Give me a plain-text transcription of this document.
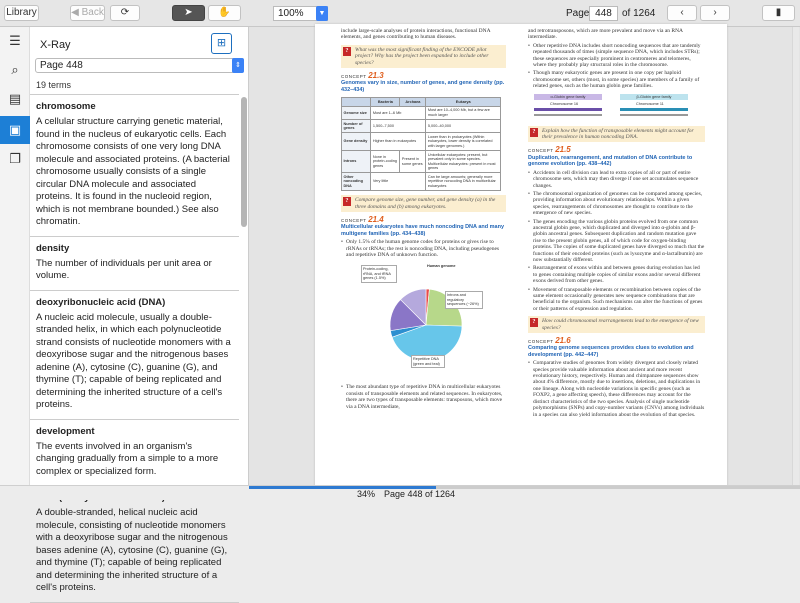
Library	◀ Back	⟳	➤	✋	100%	▼	Page 448	of 1264	‹	›	▮
☰
⌕
▤
▣
❐
X-Ray	⊞
Page 448	⇕
19 terms
chromosome
A cellular structure carrying genetic material, found in the nucleus of eukaryotic cells. Each chromosome consists of one very long DNA molecule and associated proteins. (A bacterial chromosome usually consists of a single circular DNA molecule and associated proteins. It is found in the nucleoid region, which is not membrane bounded.) See also chromatin.
density
The number of individuals per unit area or volume.
deoxyribonucleic acid (DNA)
A nucleic acid molecule, usually a double-stranded helix, in which each polynucleotide strand consists of nucleotide monomers with a deoxyribose sugar and the nitrogenous bases adenine (A), cytosine (C), guanine (G), and thymine (T); capable of being replicated and determining the inherited structure of a cell's proteins.
development
The events involved in an organism's changing gradually from a simple to a more complex or specialized form.
A double-stranded, helical nucleic acid molecule, consisting of nucleotide monomers with a deoxyribose sugar and the nitrogenous bases adenine (A), cytosine (C), guanine (G), and thymine (T); capable of being replicated and determining the inherited structure of a cell's proteins.

include large-scale analyses of protein interactions, functional DNA elements, and genes contributing to human diseases.

?	What was the most significant finding of the ENCODE pilot project? Why has the project been expanded to include other species?
CONCEPT 21.3
Genomes vary in size, number of genes, and gene density (pp. 432–434)
	Bacteria	Archaea	Eukarya
Genome size	Most are 1–6 Mb		Most are 10–4,000 Mb, but a few are much larger
Number of genes	1,500–7,500		5,000–40,000
Gene density	Higher than in eukaryotes		Lower than in prokaryotes (Within eukaryotes, lower density is correlated with larger genomes.)
Introns	None in protein-coding genes	Present in some genes	Unicellular eukaryotes: present, but prevalent only in some species. Multicellular eukaryotes: present in most genes
Other noncoding DNA	Very little		Can be large amounts; generally more repetitive noncoding DNA in multicellular eukaryotes
?	Compare genome size, gene number, and gene density (a) in the three domains and (b) among eukaryotes.
CONCEPT 21.4
Multicellular eukaryotes have much noncoding DNA and many multigene families (pp. 434–438)

• Only 1.5% of the human genome codes for proteins or gives rise to rRNAs or tRNAs; the rest is noncoding DNA, including pseudogenes and repetitive DNA of unknown function.

Human genome
Protein-coding, rRNA, and tRNA genes (1.5%)
Introns and regulatory sequences (~26%)
Repetitive DNA (green and teal)

• The most abundant type of repetitive DNA in multicellular eukaryotes consists of transposable elements and related sequences. In eukaryotes, there are two types of transposable elements: transposons, which move via a DNA intermediate,

and retrotransposons, which are more prevalent and move via an RNA intermediate.

• Other repetitive DNA includes short noncoding sequences that are tandemly repeated thousands of times (simple sequence DNA, which includes STRs); these sequences are especially prominent in centromeres and telomeres, where they probably play structural roles in the chromosome.

• Though many eukaryotic genes are present in one copy per haploid chromosome set, others (most, in some species) are members of a family of related genes, such as the human globin gene families.

α-Globin gene family	β-Globin gene family
Chromosome 16	Chromosome 11
?	Explain how the function of transposable elements might account for their prevalence in human noncoding DNA.
CONCEPT 21.5
Duplication, rearrangement, and mutation of DNA contribute to genome evolution (pp. 438–442)

• Accidents in cell division can lead to extra copies of all or part of entire chromosome sets, which may then diverge if one set accumulates sequence changes.

• The chromosomal organization of genomes can be compared among species, providing information about evolutionary relationships. Within a given species, rearrangements of chromosomes are thought to contribute to the emergence of new species.

• The genes encoding the various globin proteins evolved from one common ancestral globin gene, which duplicated and diverged into α-globin and β-globin ancestral genes. Subsequent duplication and random mutation gave rise to the present globin genes, all of which code for oxygen-binding proteins. The copies of some duplicated genes have diverged so much that the functions of their encoded proteins (such as lysozyme and α-lactalbumin) are now substantially different.

• Rearrangement of exons within and between genes during evolution has led to genes containing multiple copies of similar exons and/or several different exons derived from other genes.

• Movement of transposable elements or recombination between copies of the same element occasionally generates new sequence combinations that are beneficial to the organism. Such mechanisms can alter the functions of genes or their patterns of expression and regulation.

?	How could chromosomal rearrangements lead to the emergence of new species?
CONCEPT 21.6
Comparing genome sequences provides clues to evolution and development (pp. 442–447)

• Comparative studies of genomes from widely divergent and closely related species provide valuable information about ancient and more recent evolutionary history, respectively. Human and chimpanzee sequences show about 4% difference, mostly due to insertions, deletions, and duplications in one lineage. Along with nucleotide variations in specific genes (such as FOXP2, a gene affecting speech), these differences may account for the distinct characteristics of the two species. Analysis of single nucleotide polymorphisms (SNPs) and copy-number variants (CNVs) among individuals in a species can also yield information about the evolution of that species.

34% Page 448 of 1264
